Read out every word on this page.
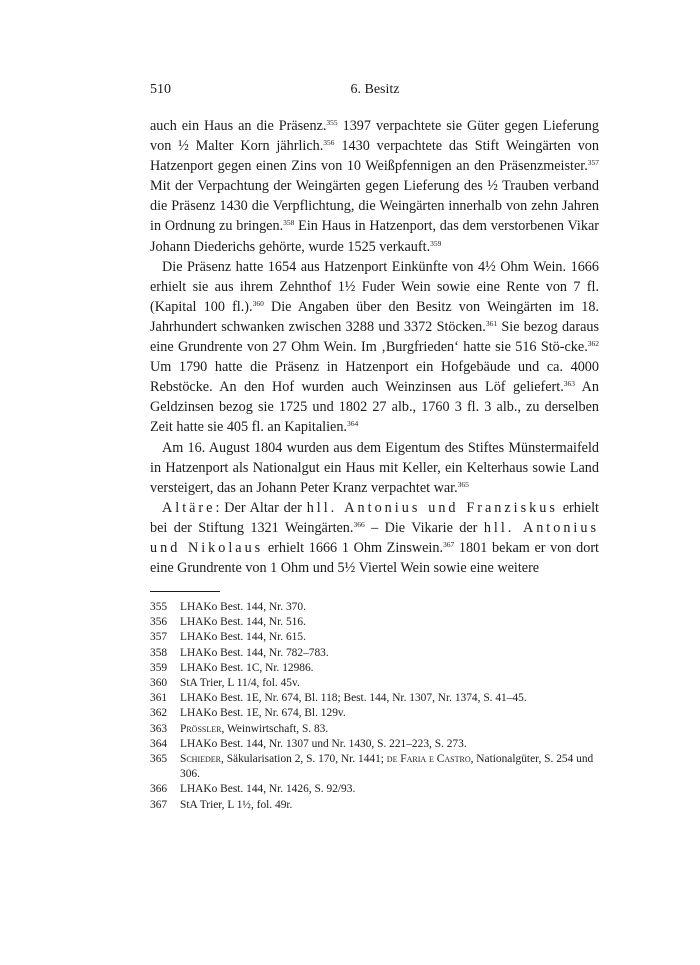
510	6. Besitz

auch ein Haus an die Präsenz.$^{355}$ 1397 verpachtete sie Güter gegen Lieferung von ½ Malter Korn jährlich.$^{356}$ 1430 verpachtete das Stift Weingärten von Hatzenport gegen einen Zins von 10 Weißpfennigen an den Präsenzmeister.$^{357}$ Mit der Verpachtung der Weingärten gegen Lieferung des ½ Trauben verband die Präsenz 1430 die Verpflichtung, die Weingärten innerhalb von zehn Jahren in Ordnung zu bringen.$^{358}$ Ein Haus in Hatzenport, das dem verstorbenen Vikar Johann Diederichs gehörte, wurde 1525 verkauft.$^{359}$

Die Präsenz hatte 1654 aus Hatzenport Einkünfte von 4½ Ohm Wein. 1666 erhielt sie aus ihrem Zehnthof 1½ Fuder Wein sowie eine Rente von 7 fl. (Kapital 100 fl.).$^{360}$ Die Angaben über den Besitz von Weingärten im 18. Jahrhundert schwanken zwischen 3288 und 3372 Stöcken.$^{361}$ Sie bezog daraus eine Grundrente von 27 Ohm Wein. Im ‚Burgfrieden‘ hatte sie 516 Stö-cke.$^{362}$ Um 1790 hatte die Präsenz in Hatzenport ein Hofgebäude und ca. 4000 Rebstöcke. An den Hof wurden auch Weinzinsen aus Löf geliefert.$^{363}$ An Geldzinsen bezog sie 1725 und 1802 27 alb., 1760 3 fl. 3 alb., zu derselben Zeit hatte sie 405 fl. an Kapitalien.$^{364}$

Am 16. August 1804 wurden aus dem Eigentum des Stiftes Münstermaifeld in Hatzenport als Nationalgut ein Haus mit Keller, ein Kelterhaus sowie Land versteigert, das an Johann Peter Kranz verpachtet war.$^{365}$

Altäre: Der Altar der hll. Antonius und Franziskus erhielt bei der Stiftung 1321 Weingärten.$^{366}$ – Die Vikarie der hll. Antonius und Nikolaus erhielt 1666 1 Ohm Zinswein.$^{367}$ 1801 bekam er von dort eine Grundrente von 1 Ohm und 5½ Viertel Wein sowie eine weitere

355 LHAKo Best. 144, Nr. 370.
356 LHAKo Best. 144, Nr. 516.
357 LHAKo Best. 144, Nr. 615.
358 LHAKo Best. 144, Nr. 782–783.
359 LHAKo Best. 1C, Nr. 12986.
360 StA Trier, L 11/4, fol. 45v.
361 LHAKo Best. 1E, Nr. 674, Bl. 118; Best. 144, Nr. 1307, Nr. 1374, S. 41–45.
362 LHAKo Best. 1E, Nr. 674, Bl. 129v.
363 Prössler, Weinwirtschaft, S. 83.
364 LHAKo Best. 144, Nr. 1307 und Nr. 1430, S. 221–223, S. 273.
365 Schieder, Säkularisation 2, S. 170, Nr. 1441; de Faria e Castro, Nationalgüter, S. 254 und 306.
366 LHAKo Best. 144, Nr. 1426, S. 92/93.
367 StA Trier, L 1½, fol. 49r.
